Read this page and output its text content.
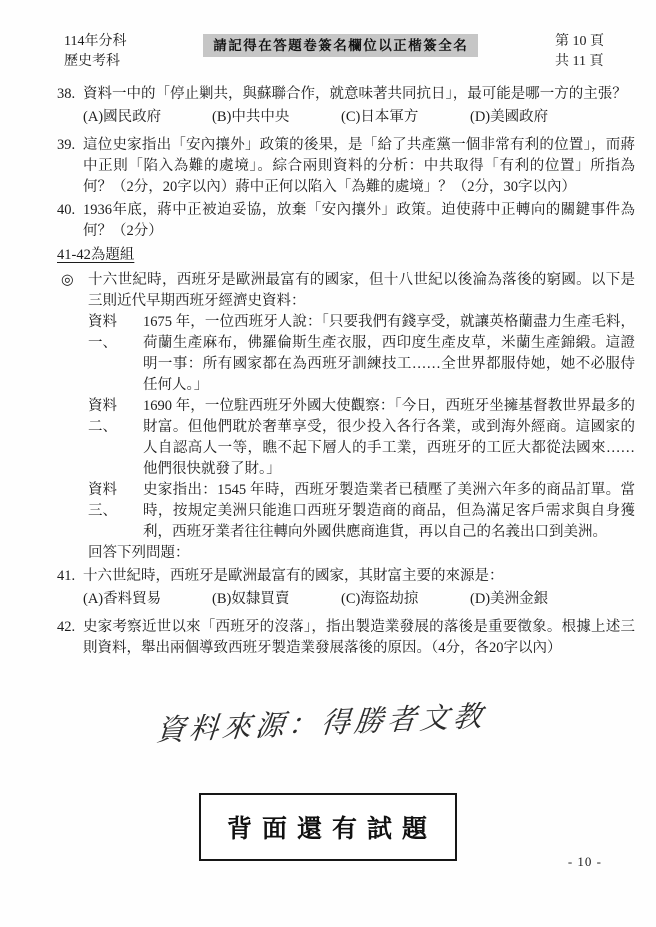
114年分科
歷史考科
請記得在答題卷簽名欄位以正楷簽全名	第 10 頁
共 11 頁
38. 資料一中的「停止剿共，與蘇聯合作，就意味著共同抗日」，最可能是哪一方的主張？
(A)國民政府	(B)中共中央	(C)日本軍方	(D)美國政府
39. 這位史家指出「安內攘外」政策的後果，是「給了共產黨一個非常有利的位置」，而蔣中正則「陷入為難的處境」。綜合兩則資料的分析：中共取得「有利的位置」所指為何？（2分，20字以內）蔣中正何以陷入「為難的處境」？（2分，30字以內）
40. 1936年底，蔣中正被迫妥協，放棄「安內攘外」政策。迫使蔣中正轉向的關鍵事件為何？（2分）
41-42為題組
◎ 十六世紀時，西班牙是歐洲最富有的國家，但十八世紀以後淪為落後的窮國。以下是三則近代早期西班牙經濟史資料：
資料一、
1675 年，一位西班牙人說：「只要我們有錢享受，就讓英格蘭盡力生產毛料，荷蘭生產麻布，佛羅倫斯生產衣服，西印度生產皮草，米蘭生產錦緞。這證明一事：所有國家都在為西班牙訓練技工……全世界都服侍她，她不必服侍任何人。」
資料二、
1690 年，一位駐西班牙外國大使觀察：「今日，西班牙坐擁基督教世界最多的財富。但他們耽於奢華享受，很少投入各行各業，或到海外經商。這國家的人自認高人一等，瞧不起下層人的手工業，西班牙的工匠大都從法國來……他們很快就發了財。」
資料三、
史家指出：1545 年時，西班牙製造業者已積壓了美洲六年多的商品訂單。當時，按規定美洲只能進口西班牙製造商的商品，但為滿足客戶需求與自身獲利，西班牙業者往往轉向外國供應商進貨，再以自己的名義出口到美洲。
回答下列問題：
41. 十六世紀時，西班牙是歐洲最富有的國家，其財富主要的來源是：
(A)香料貿易	(B)奴隸買賣	(C)海盜劫掠	(D)美洲金銀
42. 史家考察近世以來「西班牙的沒落」，指出製造業發展的落後是重要徵象。根據上述三則資料，舉出兩個導致西班牙製造業發展落後的原因。（4分，各20字以內）
資料來源：得勝者文教
背面還有試題
- 10 -
